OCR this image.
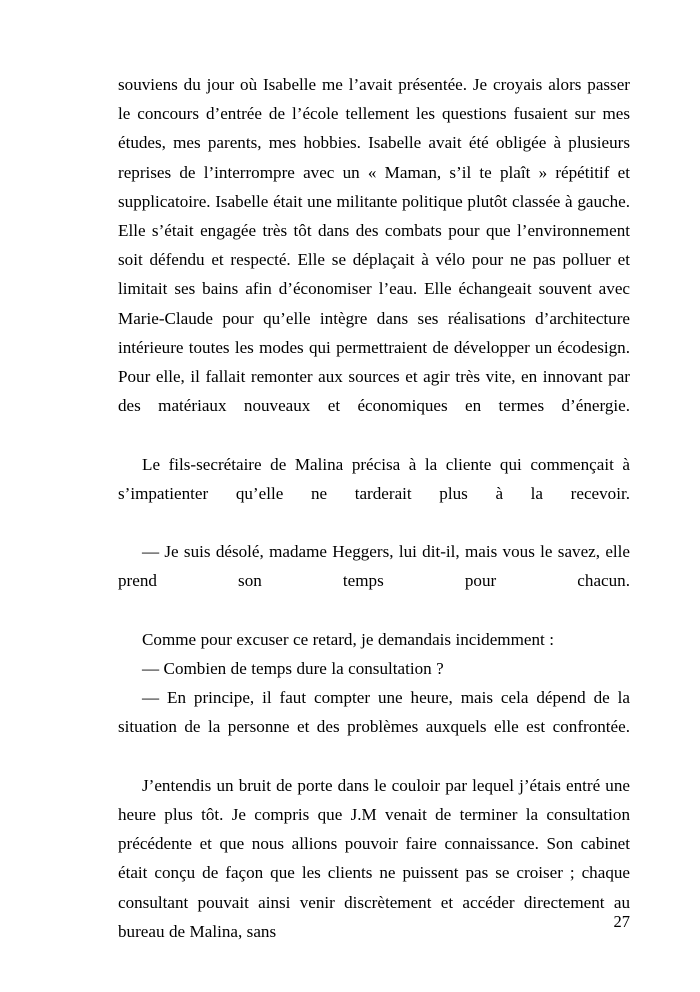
souviens du jour où Isabelle me l’avait présentée. Je croyais alors passer le concours d’entrée de l’école tellement les questions fusaient sur mes études, mes parents, mes hobbies. Isabelle avait été obligée à plusieurs reprises de l’interrompre avec un « Maman, s’il te plaît » répétitif et supplicatoire. Isabelle était une militante politique plutôt classée à gauche. Elle s’était engagée très tôt dans des combats pour que l’environnement soit défendu et respecté. Elle se déplaçait à vélo pour ne pas polluer et limitait ses bains afin d’économiser l’eau. Elle échangeait souvent avec Marie-Claude pour qu’elle intègre dans ses réalisations d’architecture intérieure toutes les modes qui permettraient de développer un écodesign. Pour elle, il fallait remonter aux sources et agir très vite, en innovant par des matériaux nouveaux et économiques en termes d’énergie.

Le fils-secrétaire de Malina précisa à la cliente qui commençait à s’impatienter qu’elle ne tarderait plus à la recevoir.

— Je suis désolé, madame Heggers, lui dit-il, mais vous le savez, elle prend son temps pour chacun.

Comme pour excuser ce retard, je demandais incidemment :

— Combien de temps dure la consultation ?

— En principe, il faut compter une heure, mais cela dépend de la situation de la personne et des problèmes auxquels elle est confrontée.

J’entendis un bruit de porte dans le couloir par lequel j’étais entré une heure plus tôt. Je compris que J.M venait de terminer la consultation précédente et que nous allions pouvoir faire connaissance. Son cabinet était conçu de façon que les clients ne puissent pas se croiser ; chaque consultant pouvait ainsi venir discrètement et accéder directement au bureau de Malina, sans

27
